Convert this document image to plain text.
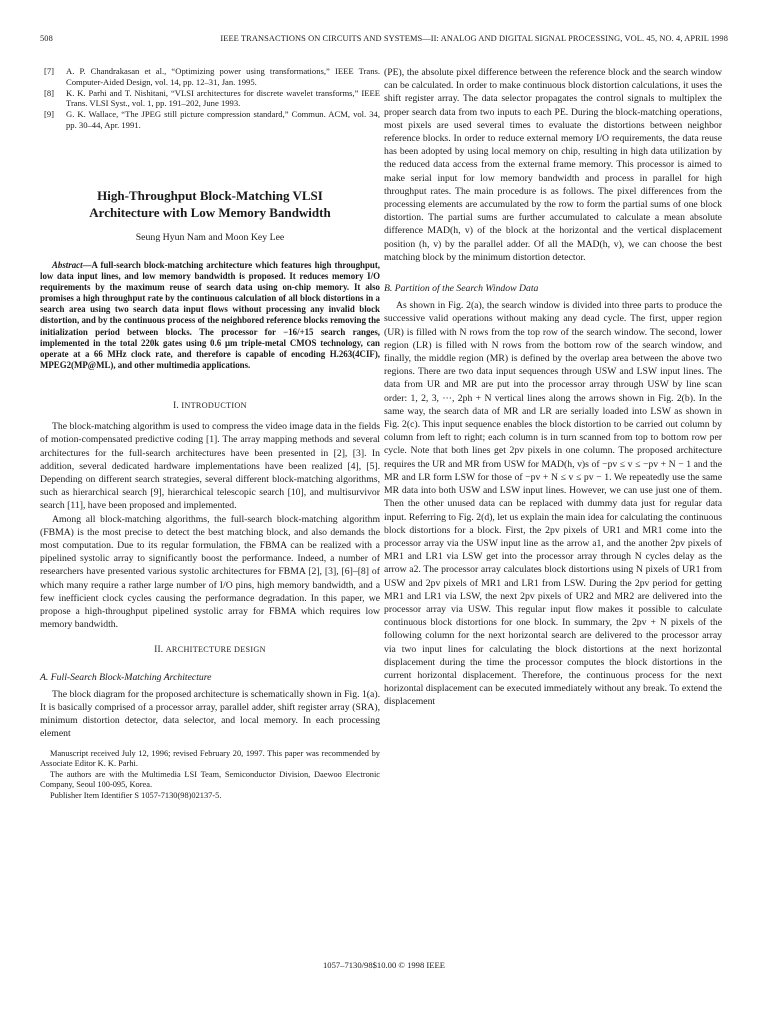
508	IEEE TRANSACTIONS ON CIRCUITS AND SYSTEMS—II: ANALOG AND DIGITAL SIGNAL PROCESSING, VOL. 45, NO. 4, APRIL 1998
[7] A. P. Chandrakasan et al., “Optimizing power using transformations,” IEEE Trans. Computer-Aided Design, vol. 14, pp. 12–31, Jan. 1995.
[8] K. K. Parhi and T. Nishitani, “VLSI architectures for discrete wavelet transforms,” IEEE Trans. VLSI Syst., vol. 1, pp. 191–202, June 1993.
[9] G. K. Wallace, “The JPEG still picture compression standard,” Commun. ACM, vol. 34, pp. 30–44, Apr. 1991.
High-Throughput Block-Matching VLSI
Architecture with Low Memory Bandwidth
Seung Hyun Nam and Moon Key Lee

Abstract—A full-search block-matching architecture which features high throughput, low data input lines, and low memory bandwidth is proposed. It reduces memory I/O requirements by the maximum reuse of search data using on-chip memory. It also promises a high throughput rate by the continuous calculation of all block distortions in a search area using two search data input flows without processing any invalid block distortion, and by the continuous process of the neighbored reference blocks removing the initialization period between blocks. The processor for −16/+15 search ranges, implemented in the total 220k gates using 0.6 μm triple-metal CMOS technology, can operate at a 66 MHz clock rate, and therefore is capable of encoding H.263(4CIF), MPEG2(MP@ML), and other multimedia applications.

I. INTRODUCTION

The block-matching algorithm is used to compress the video image data in the fields of motion-compensated predictive coding [1]. The array mapping methods and several architectures for the full-search architectures have been presented in [2], [3]. In addition, several dedicated hardware implementations have been realized [4], [5]. Depending on different search strategies, several different block-matching algorithms, such as hierarchical search [9], hierarchical telescopic search [10], and multisurvivor search [11], have been proposed and implemented.

Among all block-matching algorithms, the full-search block-matching algorithm (FBMA) is the most precise to detect the best matching block, and also demands the most computation. Due to its regular formulation, the FBMA can be realized with a pipelined systolic array to significantly boost the performance. Indeed, a number of researchers have presented various systolic architectures for FBMA [2], [3], [6]–[8] of which many require a rather large number of I/O pins, high memory bandwidth, and a few inefficient clock cycles causing the performance degradation. In this paper, we propose a high-throughput pipelined systolic array for FBMA which requires low memory bandwidth.

II. ARCHITECTURE DESIGN
A. Full-Search Block-Matching Architecture

The block diagram for the proposed architecture is schematically shown in Fig. 1(a). It is basically comprised of a processor array, parallel adder, shift register array (SRA), minimum distortion detector, data selector, and local memory. In each processing element

Manuscript received July 12, 1996; revised February 20, 1997. This paper was recommended by Associate Editor K. K. Parhi.

The authors are with the Multimedia LSI Team, Semiconductor Division, Daewoo Electronic Company, Seoul 100-095, Korea.

Publisher Item Identifier S 1057-7130(98)02137-5.

(PE), the absolute pixel difference between the reference block and the search window can be calculated. In order to make continuous block distortion calculations, it uses the shift register array. The data selector propagates the control signals to multiplex the proper search data from two inputs to each PE. During the block-matching operations, most pixels are used several times to evaluate the distortions between neighbor reference blocks. In order to reduce external memory I/O requirements, the data reuse has been adopted by using local memory on chip, resulting in high data utilization by the reduced data access from the external frame memory. This processor is aimed to make serial input for low memory bandwidth and process in parallel for high throughput rates. The main procedure is as follows. The pixel differences from the processing elements are accumulated by the row to form the partial sums of one block distortion. The partial sums are further accumulated to calculate a mean absolute difference MAD(h, v) of the block at the horizontal and the vertical displacement position (h, v) by the parallel adder. Of all the MAD(h, v), we can choose the best matching block by the minimum distortion detector.

B. Partition of the Search Window Data

As shown in Fig. 2(a), the search window is divided into three parts to produce the successive valid operations without making any dead cycle. The first, upper region (UR) is filled with N rows from the top row of the search window. The second, lower region (LR) is filled with N rows from the bottom row of the search window, and finally, the middle region (MR) is defined by the overlap area between the above two regions. There are two data input sequences through USW and LSW input lines. The data from UR and MR are put into the processor array through USW by line scan order: 1, 2, 3, ···, 2ph + N vertical lines along the arrows shown in Fig. 2(b). In the same way, the search data of MR and LR are serially loaded into LSW as shown in Fig. 2(c). This input sequence enables the block distortion to be carried out column by column from left to right; each column is in turn scanned from top to bottom row per cycle. Note that both lines get 2pv pixels in one column. The proposed architecture requires the UR and MR from USW for MAD(h, v)s of −pv ≤ v ≤ −pv + N − 1 and the MR and LR form LSW for those of −pv + N ≤ v ≤ pv − 1. We repeatedly use the same MR data into both USW and LSW input lines. However, we can use just one of them. Then the other unused data can be replaced with dummy data just for regular data input. Referring to Fig. 2(d), let us explain the main idea for calculating the continuous block distortions for a block. First, the 2pv pixels of UR1 and MR1 come into the processor array via the USW input line as the arrow a1, and the another 2pv pixels of MR1 and LR1 via LSW get into the processor array through N cycles delay as the arrow a2. The processor array calculates block distortions using N pixels of UR1 from USW and 2pv pixels of MR1 and LR1 from LSW. During the 2pv period for getting MR1 and LR1 via LSW, the next 2pv pixels of UR2 and MR2 are delivered into the processor array via USW. This regular input flow makes it possible to calculate continuous block distortions for one block. In summary, the 2pv + N pixels of the following column for the next horizontal search are delivered to the processor array via two input lines for calculating the block distortions at the next horizontal displacement during the time the processor computes the block distortions in the current horizontal displacement. Therefore, the continuous process for the next horizontal displacement can be executed immediately without any break. To extend the displacement

1057–7130/98$10.00 © 1998 IEEE
